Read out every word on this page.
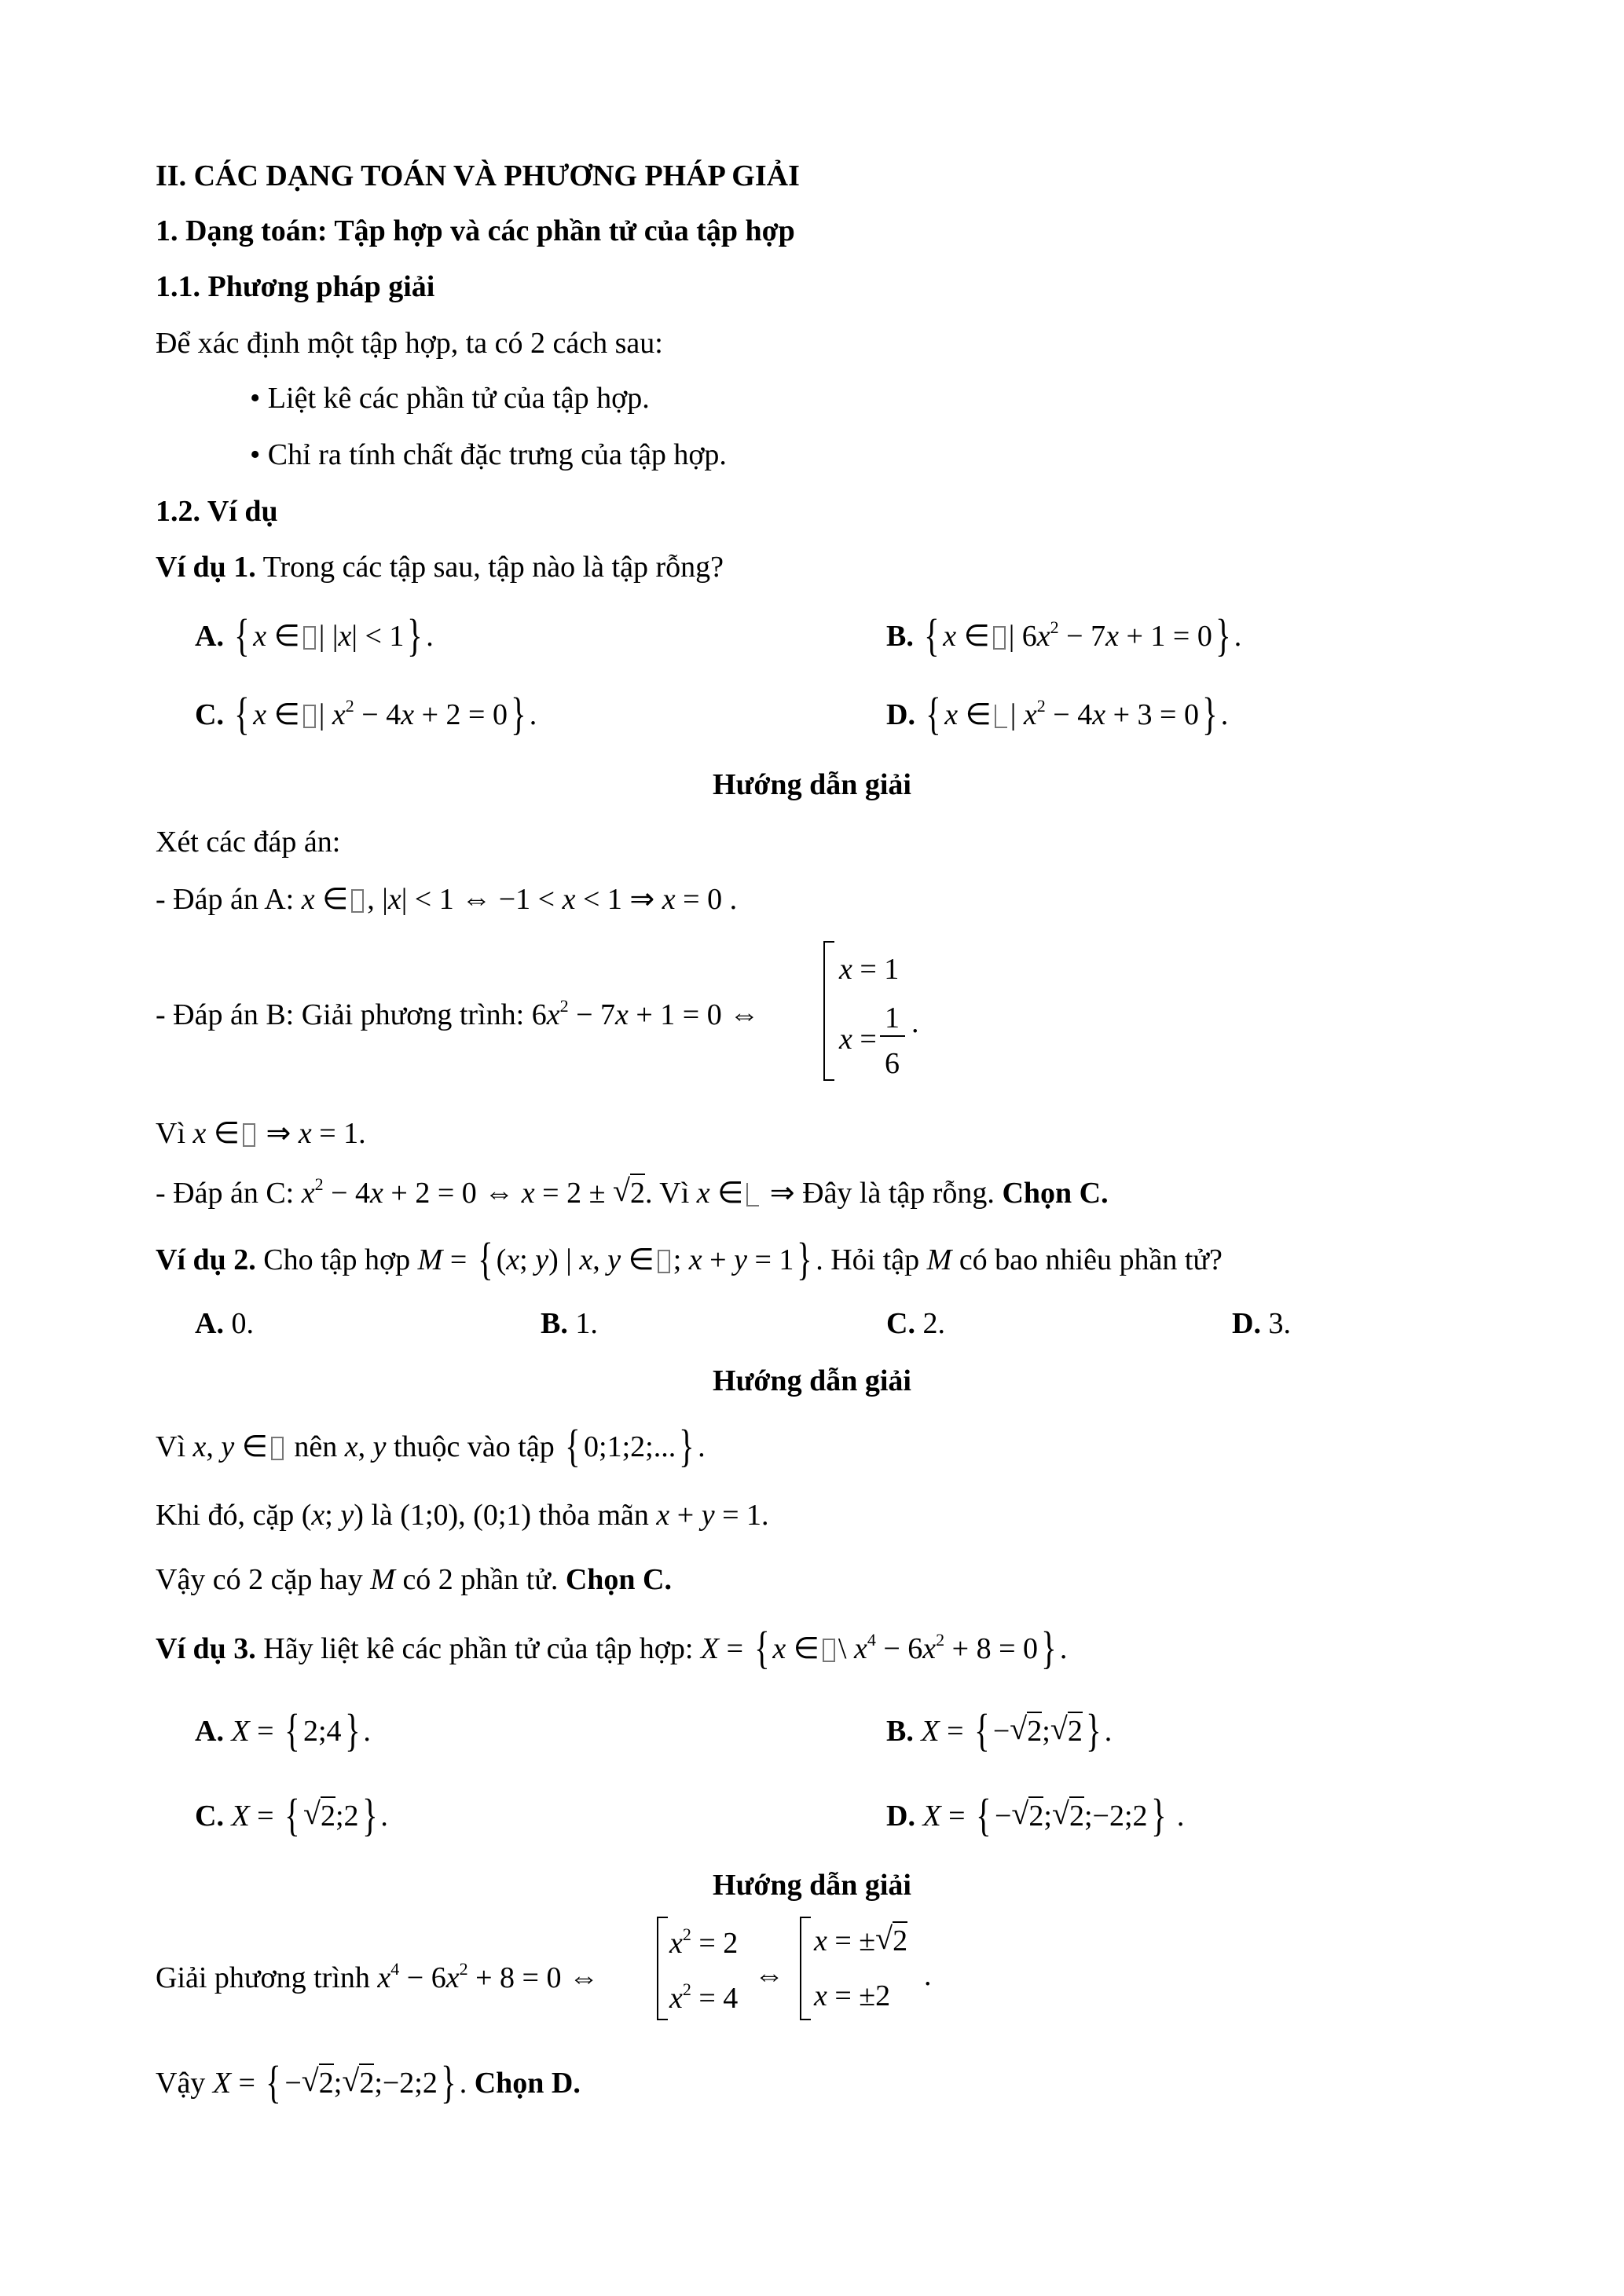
II. CÁC DẠNG TOÁN VÀ PHƯƠNG PHÁP GIẢI
1. Dạng toán: Tập hợp và các phần tử của tập hợp
1.1. Phương pháp giải
Để xác định một tập hợp, ta có 2 cách sau:
• Liệt kê các phần tử của tập hợp.
• Chỉ ra tính chất đặc trưng của tập hợp.
1.2. Ví dụ
Ví dụ 1. Trong các tập sau, tập nào là tập rỗng?
A. { x ∈ | |x| < 1} .	B. { x ∈ | $6x^2 - 7x + 1 = 0$} .
C. { x ∈ | $x^2 - 4x + 2 = 0$} .	D. { x ∈ | $x^2 - 4x + 3 = 0$} .
Hướng dẫn giải
Xét các đáp án:
- Đáp án A: x ∈ , |x| < 1 ⇔ −1 < x < 1 ⇒ x = 0 .
- Đáp án B: Giải phương trình: $6x^2 - 7x + 1 = 0$ ⇔
x = 1
x =
1
6
.
Vì x ∈ ⇒ x = 1.
- Đáp án C: $x^2 - 4x + 2 = 0$ ⇔ x = 2 ± √ 2. Vì x ∈ ⇒ Đây là tập rỗng. Chọn C.
Ví dụ 2. Cho tập hợp M = { (x; y) | x, y ∈ ; x + y = 1} . Hỏi tập M có bao nhiêu phần tử?
A. 0.	B. 1.	C. 2.	D. 3.
Hướng dẫn giải
Vì x, y ∈ nên x, y thuộc vào tập { 0;1;2;...} .
Khi đó, cặp (x; y) là (1;0), (0;1) thỏa mãn x + y = 1.
Vậy có 2 cặp hay M có 2 phần tử. Chọn C.
Ví dụ 3. Hãy liệt kê các phần tử của tập hợp: X = { x ∈ \ $x^4 - 6x^2 + 8 = 0$} .
A. X = { 2;4} .	B. X = { − √ 2; √ 2} .
C. X = { √ 2;2} .	D. X = { − √ 2; √ 2;−2;2} .
Hướng dẫn giải
Giải phương trình $x^4 - 6x^2 + 8 = 0$ ⇔
$x^2 = 2$
$x^2 = 4$
⇔
x = ± √ 2
x = ±2
.
Vậy X = { − √ 2; √ 2;−2;2} . Chọn D.
